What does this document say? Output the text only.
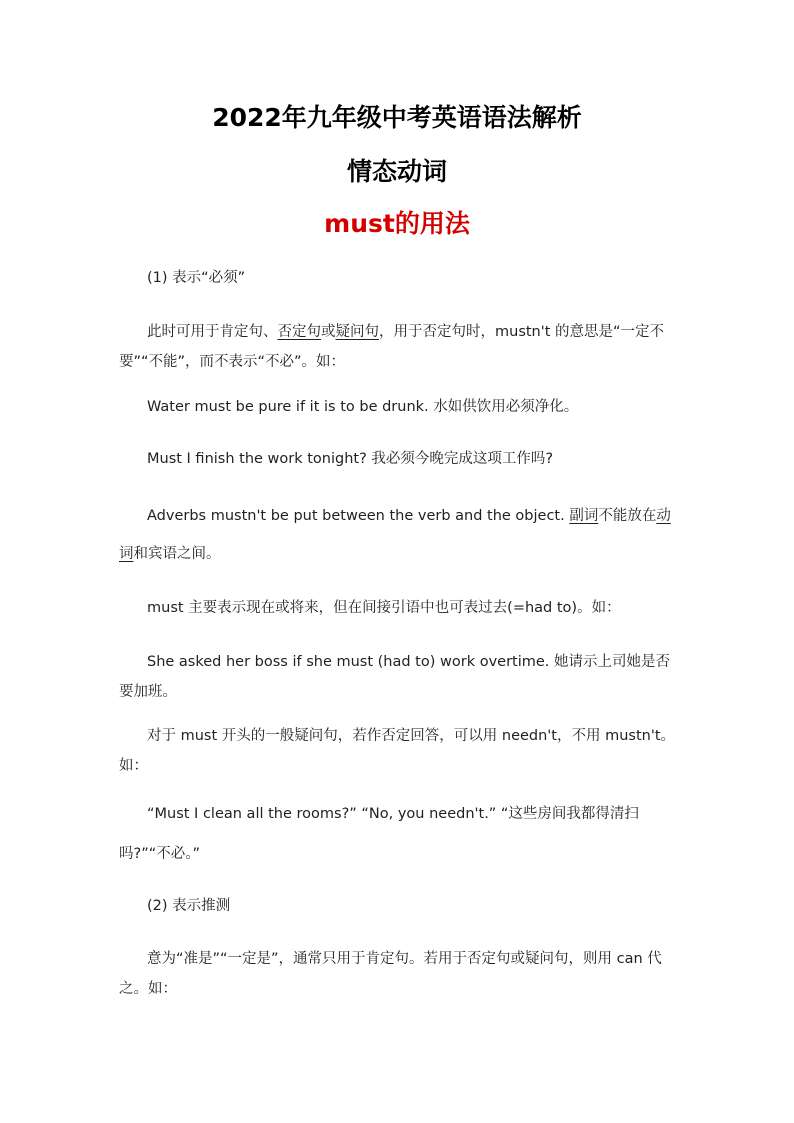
2022年九年级中考英语语法解析
情态动词
must的用法
(1) 表示“必须”
此时可用于肯定句、否定句或疑问句，用于否定句时，mustn't 的意思是“一定不要”“不能”，而不表示“不必”。如：
Water must be pure if it is to be drunk. 水如供饮用必须净化。
Must I finish the work tonight? 我必须今晚完成这项工作吗?
Adverbs mustn't be put between the verb and the object. 副词不能放在动词和宾语之间。
must 主要表示现在或将来，但在间接引语中也可表过去(=had to)。如：
She asked her boss if she must (had to) work overtime. 她请示上司她是否要加班。
对于 must 开头的一般疑问句，若作否定回答，可以用 needn't，不用 mustn't。如：
“Must I clean all the rooms?” “No, you needn't.” “这些房间我都得清扫吗?”“不必。”
(2) 表示推测
意为“准是”“一定是”，通常只用于肯定句。若用于否定句或疑问句，则用 can 代之。如：
